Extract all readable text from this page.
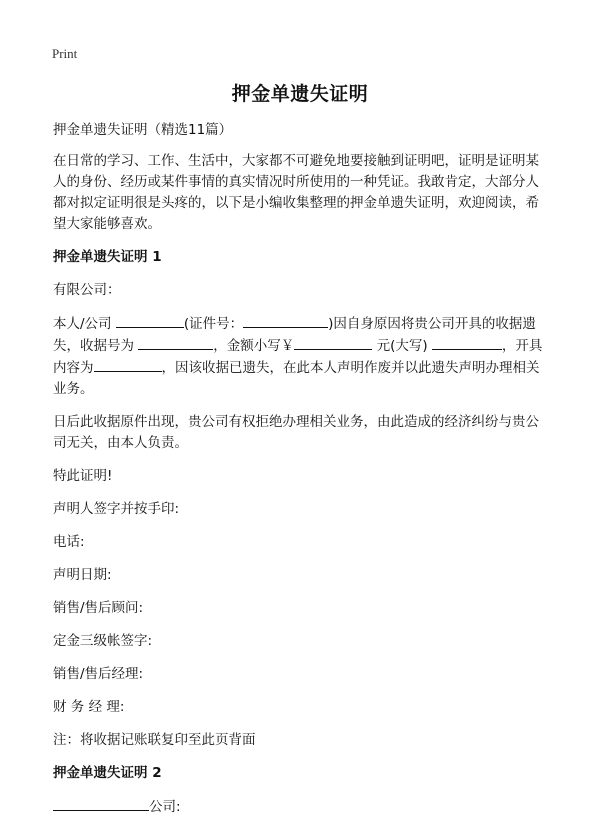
Print
押金单遗失证明

押金单遗失证明（精选11篇）

在日常的学习、工作、生活中，大家都不可避免地要接触到证明吧，证明是证明某人的身份、经历或某件事情的真实情况时所使用的一种凭证。我敢肯定，大部分人都对拟定证明很是头疼的，以下是小编收集整理的押金单遗失证明，欢迎阅读，希望大家能够喜欢。

押金单遗失证明 1

有限公司：

本人/公司	(证件号：	)因自身原因将贵公司开具的收据遗失，收据号为	，金额小写￥	元(大写)	，开具内容为	，因该收据已遗失，在此本人声明作废并以此遗失声明办理相关业务。

日后此收据原件出现，贵公司有权拒绝办理相关业务，由此造成的经济纠纷与贵公司无关，由本人负责。

特此证明!

声明人签字并按手印:

电话:

声明日期:

销售/售后顾问:

定金三级帐签字:

销售/售后经理:

财 务 经 理:

注：将收据记账联复印至此页背面

押金单遗失证明 2

公司:
